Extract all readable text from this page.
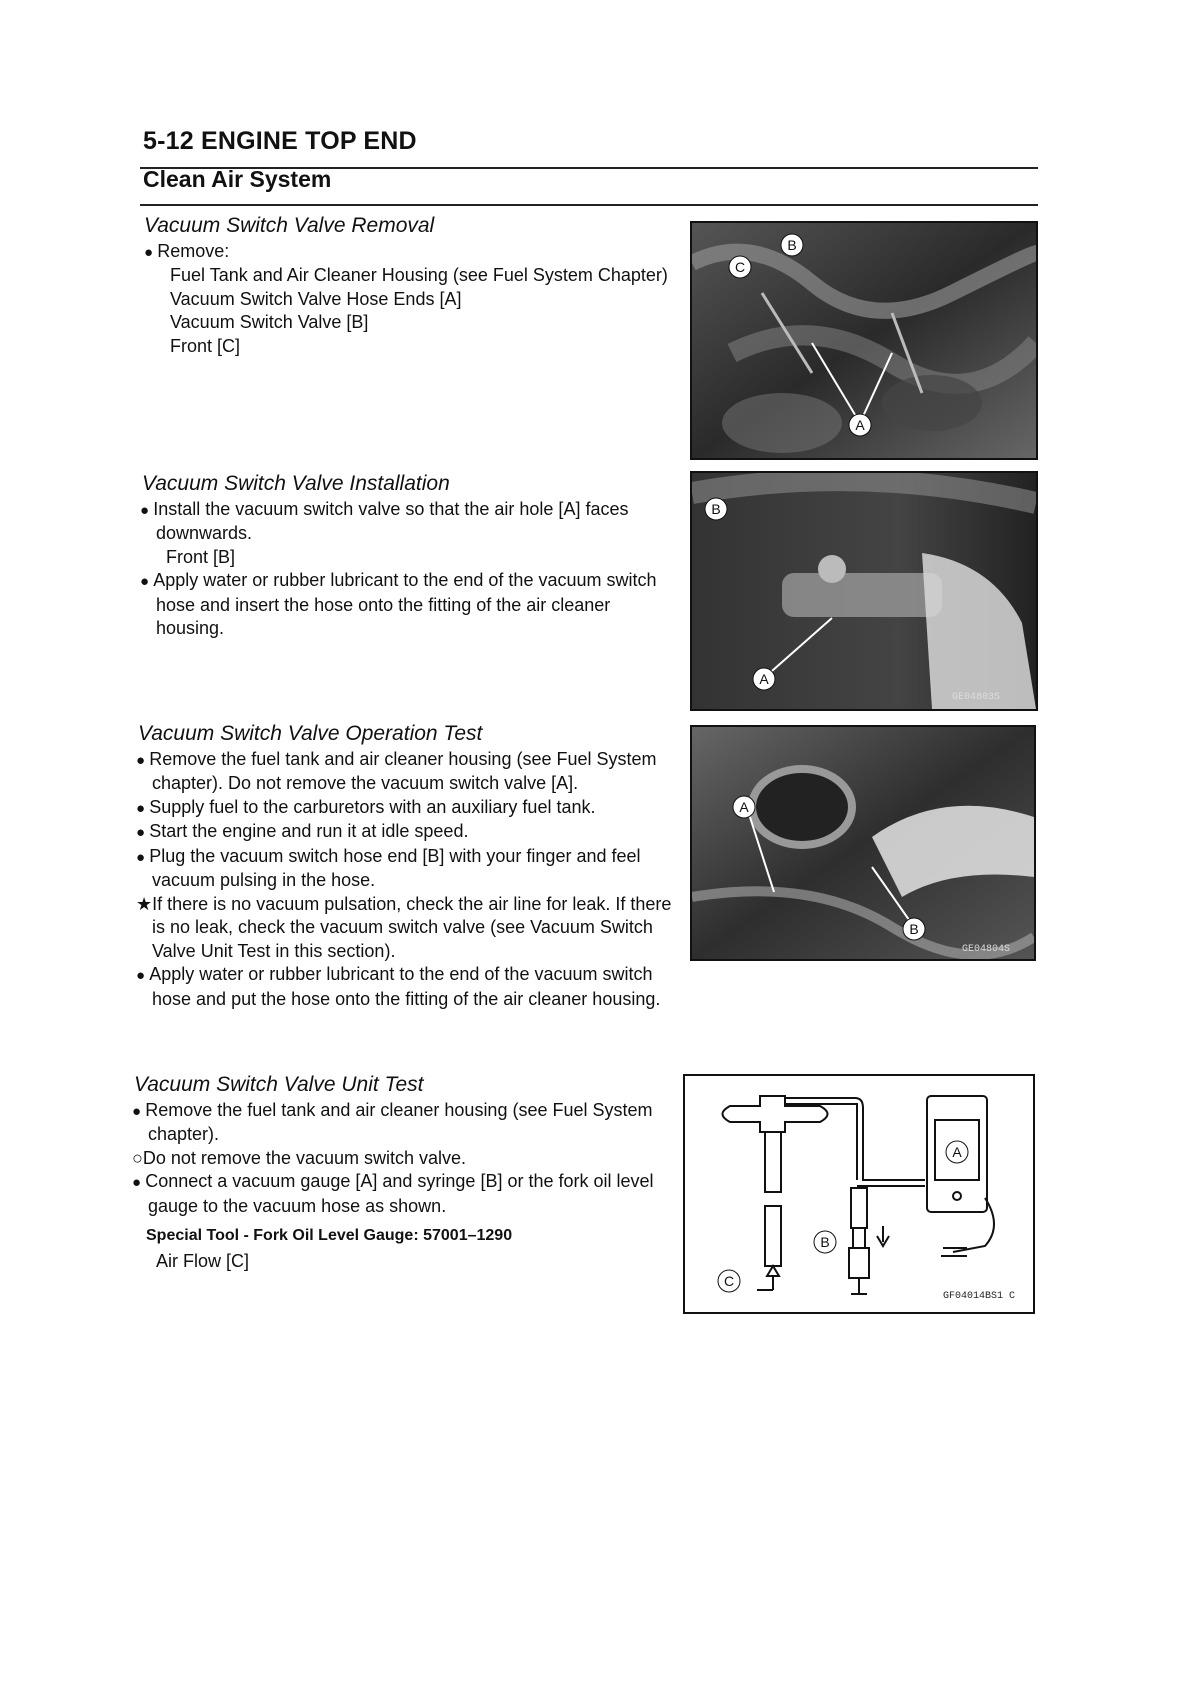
5-12 ENGINE TOP END
Clean Air System
Vacuum Switch Valve Removal
● Remove:
Fuel Tank and Air Cleaner Housing (see Fuel System Chapter)
Vacuum Switch Valve Hose Ends [A]
Vacuum Switch Valve [B]
Front [C]
B
C
A
Vacuum Switch Valve Installation
● Install the vacuum switch valve so that the air hole [A] faces downwards.
Front [B]
● Apply water or rubber lubricant to the end of the vacuum switch hose and insert the hose onto the fitting of the air cleaner housing.
B
A
GE04803S
Vacuum Switch Valve Operation Test
● Remove the fuel tank and air cleaner housing (see Fuel System chapter). Do not remove the vacuum switch valve [A].
● Supply fuel to the carburetors with an auxiliary fuel tank.
● Start the engine and run it at idle speed.
● Plug the vacuum switch hose end [B] with your finger and feel vacuum pulsing in the hose.
★If there is no vacuum pulsation, check the air line for leak. If there is no leak, check the vacuum switch valve (see Vacuum Switch Valve Unit Test in this section).
● Apply water or rubber lubricant to the end of the vacuum switch hose and put the hose onto the fitting of the air cleaner housing.
A
B
GE04804S
Vacuum Switch Valve Unit Test
● Remove the fuel tank and air cleaner housing (see Fuel System chapter).
○Do not remove the vacuum switch valve.
● Connect a vacuum gauge [A] and syringe [B] or the fork oil level gauge to the vacuum hose as shown.
Special Tool - Fork Oil Level Gauge: 57001–1290
Air Flow [C]
A
B
C
GF04014BS1 C
